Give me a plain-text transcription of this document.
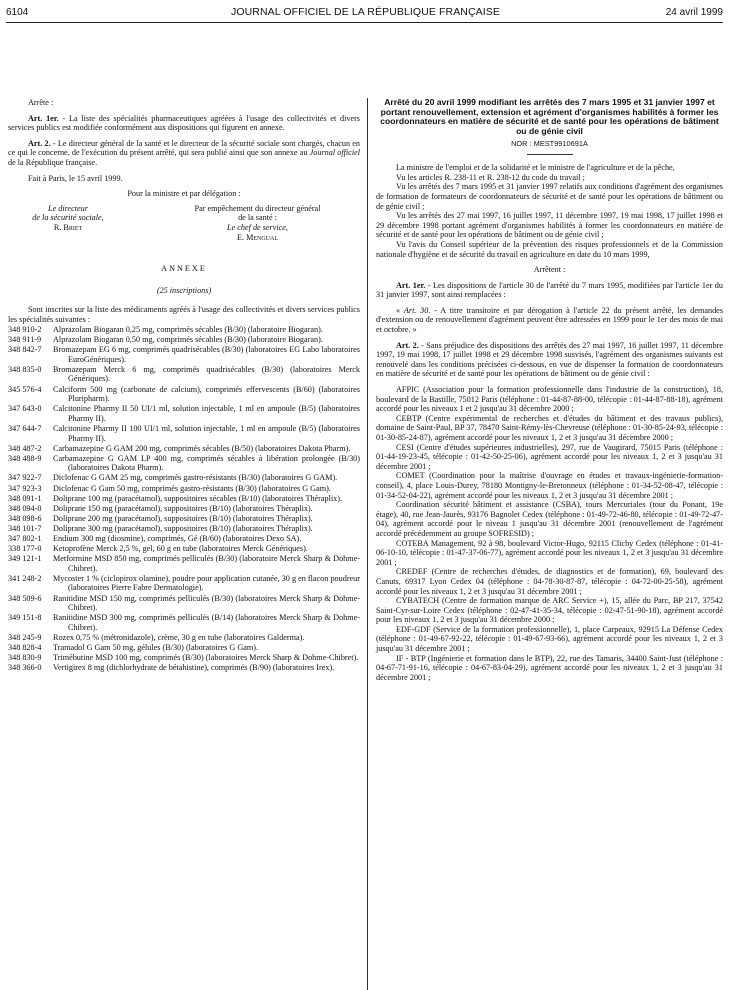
6104	JOURNAL OFFICIEL DE LA RÉPUBLIQUE FRANÇAISE	24 avril 1999

Arrête :

Art. 1er. - La liste des spécialités pharmaceutiques agréées à l'usage des collectivités et divers services publics est modifiée conformément aux dispositions qui figurent en annexe.

Art. 2. - Le directeur général de la santé et le directeur de la sécurité sociale sont chargés, chacun en ce qui le concerne, de l'exécution du présent arrêté, qui sera publié ainsi que son annexe au Journal officiel de la République française.

Fait à Paris, le 15 avril 1999.

Pour la ministre et par délégation :

Le directeur
de la sécurité sociale,
R. Briet
Par empêchement du directeur général
de la santé :
Le chef de service,
E. Mengual

ANNEXE

(25 inscriptions)

Sont inscrites sur la liste des médicaments agréés à l'usage des collectivités et divers services publics les spécialités suivantes :

348 910-2	Alprazolam Biogaran 0,25 mg, comprimés sécables (B/30) (laboratoire Biogaran).
348 911-9	Alprazolam Biogaran 0,50 mg, comprimés sécables (B/30) (laboratoire Biogaran).
348 842-7	Bromazepam EG 6 mg, comprimés quadrisécables (B/30) (laboratoires EG Labo laboratoires EuroGénériques).
348 835-0	Bromazepam Merck 6 mg, comprimés quadrisécables (B/30) (laboratoires Merck Génériques).
345 576-4	Calciform 500 mg (carbonate de calcium), comprimés effervescents (B/60) (laboratoires Pluripharm).
347 643-0	Calcitonine Pharmy II 50 UI/1 ml, solution injectable, 1 ml en ampoule (B/5) (laboratoires Pharmy II).
347 644-7	Calcitonine Pharmy II 100 UI/1 ml, solution injectable, 1 ml en ampoule (B/5) (laboratoires Pharmy II).
348 487-2	Carbamazepine G GAM 200 mg, comprimés sécables (B/50) (laboratoires Dakota Pharm).
348 488-9	Carbamazepine G GAM LP 400 mg, comprimés sécables à libération prolongée (B/30) (laboratoires Dakota Pharm).
347 922-7	Diclofenac G GAM 25 mg, comprimés gastro-résistants (B/30) (laboratoires G GAM).
347 923-3	Diclofenac G Gam 50 mg, comprimés gastro-résistants (B/30) (laboratoires G Gam).
348 091-1	Doliprane 100 mg (paracétamol), suppositoires sécables (B/10) (laboratoires Théraplix).
348 094-0	Doliprane 150 mg (paracétamol), suppositoires (B/10) (laboratoires Théraplix).
348 098-6	Doliprane 200 mg (paracétamol), suppositoires (B/10) (laboratoires Théraplix).
348 101-7	Doliprane 300 mg (paracétamol), suppositoires (B/10) (laboratoires Théraplix).
347 802-1	Endium 300 mg (diosmine), comprimés, Gé (B/60) (laboratoires Dexo SA).
338 177-0	Ketoprofène Merck 2,5 %, gel, 60 g en tube (laboratoires Merck Génériques).
349 121-1	Metformine MSD 850 mg, comprimés pelliculés (B/30) (laboratoire Merck Sharp & Dohme-Chibret).
341 248-2	Mycoster 1 % (ciclopirox olamine), poudre pour application cutanée, 30 g en flacon poudreur (laboratoires Pierre Fabre Dermatologie).
348 509-6	Ranitidine MSD 150 mg, comprimés pelliculés (B/30) (laboratoires Merck Sharp & Dohme-Chibret).
349 151-8	Ranitidine MSD 300 mg, comprimés pelliculés (B/14) (laboratoires Merck Sharp & Dohme-Chibret).
348 245-9	Rozex 0,75 % (métronidazole), crème, 30 g en tube (laboratoires Galderma).
348 828-4	Tramadol G Gam 50 mg, gélules (B/30) (laboratoires G Gam).
348 830-9	Trimébutine MSD 100 mg, comprimés (B/30) (laboratoires Merck Sharp & Dohme-Chibret).
348 366-0	Vertigirex 8 mg (dichlorhydrate de bétahistine), comprimés (B/90) (laboratoires Irex).
Arrêté du 20 avril 1999 modifiant les arrêtés des 7 mars 1995 et 31 janvier 1997 et portant renouvellement, extension et agrément d'organismes habilités à former les coordonnateurs en matière de sécurité et de santé pour les opérations de bâtiment ou de génie civil
NOR : MESТ9910691A

La ministre de l'emploi et de la solidarité et le ministre de l'agriculture et de la pêche,

Vu les articles R. 238-11 et R. 238-12 du code du travail ;

Vu les arrêtés des 7 mars 1995 et 31 janvier 1997 relatifs aux conditions d'agrément des organismes de formation de formateurs de coordonnateurs de sécurité et de santé pour les opérations de bâtiment ou de génie civil ;

Vu les arrêtés des 27 mai 1997, 16 juillet 1997, 11 décembre 1997, 19 mai 1998, 17 juillet 1998 et 29 décembre 1998 portant agrément d'organismes habilités à former les coordonnateurs en matière de sécurité et de santé pour les opérations de bâtiment ou de génie civil ;

Vu l'avis du Conseil supérieur de la prévention des risques professionnels et de la Commission nationale d'hygiène et de sécurité du travail en agriculture en date du 10 mars 1999,

Arrêtent :

Art. 1er. - Les dispositions de l'article 30 de l'arrêté du 7 mars 1995, modifiées par l'article 1er du 31 janvier 1997, sont ainsi remplacées :

« Art. 30. - A titre transitoire et par dérogation à l'article 22 du présent arrêté, les demandes d'extension ou de renouvellement d'agrément peuvent être adressées en 1999 pour le 1er des mois de mai et octobre. »

Art. 2. - Sans préjudice des dispositions des arrêtés des 27 mai 1997, 16 juillet 1997, 11 décembre 1997, 19 mai 1998, 17 juillet 1998 et 29 décembre 1998 susvisés, l'agrément des organismes suivants est renouvelé dans les conditions précisées ci-dessous, en vue de dispenser la formation de coordonnateurs en matière de sécurité et de santé pour les opérations de bâtiment ou de génie civil :

AFPIC (Association pour la formation professionnelle dans l'industrie de la construction), 18, boulevard de la Bastille, 75012 Paris (téléphone : 01-44-87-88-00, télécopie : 01-44-87-88-18), agrément accordé pour les niveaux 1 et 2 jusqu'au 31 décembre 2000 ;

CEBTP (Centre expérimental de recherches et d'études du bâtiment et des travaux publics), domaine de Saint-Paul, BP 37, 78470 Saint-Rémy-lès-Chevreuse (téléphone : 01-30-85-24-93, télécopie : 01-30-85-24-87), agrément accordé pour les niveaux 1, 2 et 3 jusqu'au 31 décembre 2000 ;

CESI (Centre d'études supérieures industrielles), 297, rue de Vaugirard, 75015 Paris (téléphone : 01-44-19-23-45, télécopie : 01-42-50-25-06), agrément accordé pour les niveaux 1, 2 et 3 jusqu'au 31 décembre 2001 ;

COMET (Coordination pour la maîtrise d'ouvrage en études et travaux-ingénierie-formation-conseil), 4, place Louis-Durey, 78180 Montigny-le-Bretonneux (téléphone : 01-34-52-08-47, télécopie : 01-34-52-04-22), agrément accordé pour les niveaux 1, 2 et 3 jusqu'au 31 décembre 2001 ;

Coordination sécurité bâtiment et assistance (CSBA), tours Mercuriales (tour du Ponant, 19e étage), 40, rue Jean-Jaurès, 93176 Bagnolet Cedex (téléphone : 01-49-72-46-80, télécopie : 01-49-72-47-04), agrément accordé pour le niveau 1 jusqu'au 31 décembre 2001 (renouvellement de l'agrément accordé précédemment au groupe SOFRESID) ;

COTEBA Management, 92 à 98, boulevard Victor-Hugo, 92115 Clichy Cedex (téléphone : 01-41-06-10-10, télécopie : 01-47-37-06-77), agrément accordé pour les niveaux 1, 2 et 3 jusqu'au 31 décembre 2001 ;

CREDEF (Centre de recherches d'études, de diagnostics et de formation), 69, boulevard des Canuts, 69317 Lyon Cedex 04 (téléphone : 04-78-30-87-87, télécopie : 04-72-00-25-58), agrément accordé pour les niveaux 1, 2 et 3 jusqu'au 31 décembre 2001 ;

CYBATECH (Centre de formation marque de ARC Service +), 15, allée du Parc, BP 217, 37542 Saint-Cyr-sur-Loire Cedex (téléphone : 02-47-41-35-34, télécopie : 02-47-51-90-18), agrément accordé pour les niveaux 1, 2 et 3 jusqu'au 31 décembre 2000 ;

EDF-GDF (Service de la formation professionnelle), 1, place Carpeaux, 92915 La Défense Cedex (téléphone : 01-49-67-92-22, télécopie : 01-49-67-93-66), agrément accordé pour les niveaux 1, 2 et 3 jusqu'au 31 décembre 2001 ;

IF - BTP (Ingénierie et formation dans le BTP), 22, rue des Tamaris, 34400 Saint-Just (téléphone : 04-67-71-91-16, télécopie : 04-67-83-04-29), agrément accordé pour les niveaux 1, 2 et 3 jusqu'au 31 décembre 2001 ;
